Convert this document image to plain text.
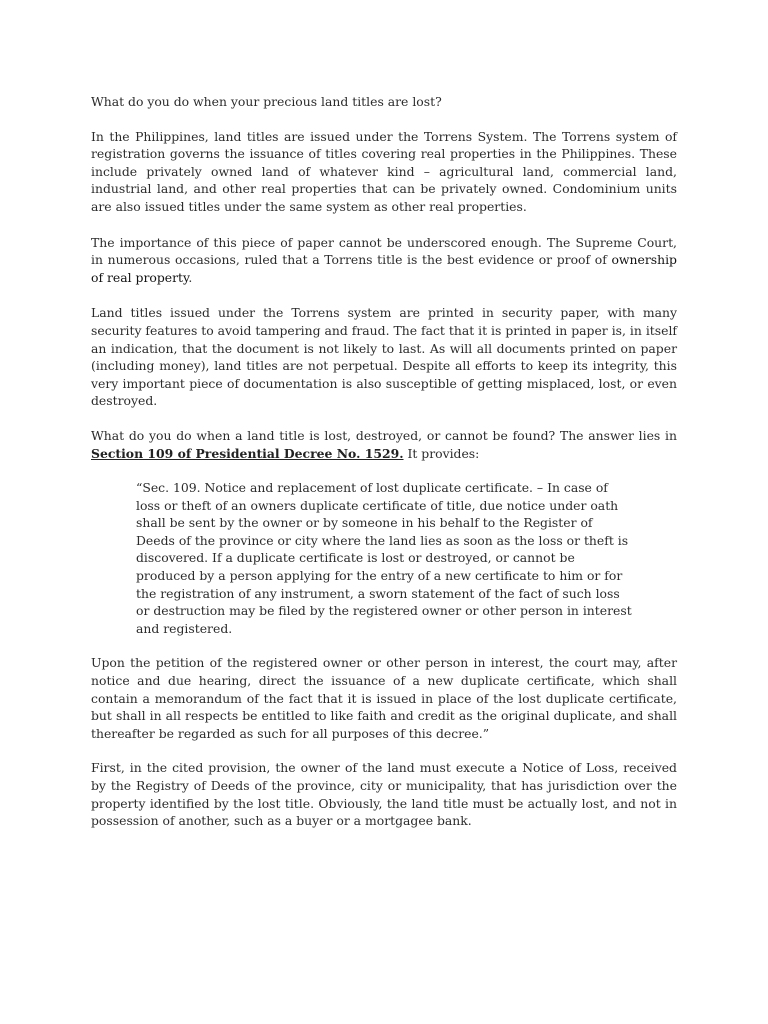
What do you do when your precious land titles are lost?

In the Philippines, land titles are issued under the Torrens System. The Torrens system of registration governs the issuance of titles covering real properties in the Philippines. These include privately owned land of whatever kind – agricultural land, commercial land, industrial land, and other real properties that can be privately owned. Condominium units are also issued titles under the same system as other real properties.

The importance of this piece of paper cannot be underscored enough. The Supreme Court, in numerous occasions, ruled that a Torrens title is the best evidence or proof of ownership of real property.

Land titles issued under the Torrens system are printed in security paper, with many security features to avoid tampering and fraud. The fact that it is printed in paper is, in itself an indication, that the document is not likely to last. As will all documents printed on paper (including money), land titles are not perpetual. Despite all efforts to keep its integrity, this very important piece of documentation is also susceptible of getting misplaced, lost, or even destroyed.

What do you do when a land title is lost, destroyed, or cannot be found? The answer lies in Section 109 of Presidential Decree No. 1529. It provides:

“Sec. 109. Notice and replacement of lost duplicate certificate. – In case of loss or theft of an owners duplicate certificate of title, due notice under oath shall be sent by the owner or by someone in his behalf to the Register of Deeds of the province or city where the land lies as soon as the loss or theft is discovered. If a duplicate certificate is lost or destroyed, or cannot be produced by a person applying for the entry of a new certificate to him or for the registration of any instrument, a sworn statement of the fact of such loss or destruction may be filed by the registered owner or other person in interest and registered.

Upon the petition of the registered owner or other person in interest, the court may, after notice and due hearing, direct the issuance of a new duplicate certificate, which shall contain a memorandum of the fact that it is issued in place of the lost duplicate certificate, but shall in all respects be entitled to like faith and credit as the original duplicate, and shall thereafter be regarded as such for all purposes of this decree.”

First, in the cited provision, the owner of the land must execute a Notice of Loss, received by the Registry of Deeds of the province, city or municipality, that has jurisdiction over the property identified by the lost title. Obviously, the land title must be actually lost, and not in possession of another, such as a buyer or a mortgagee bank.
